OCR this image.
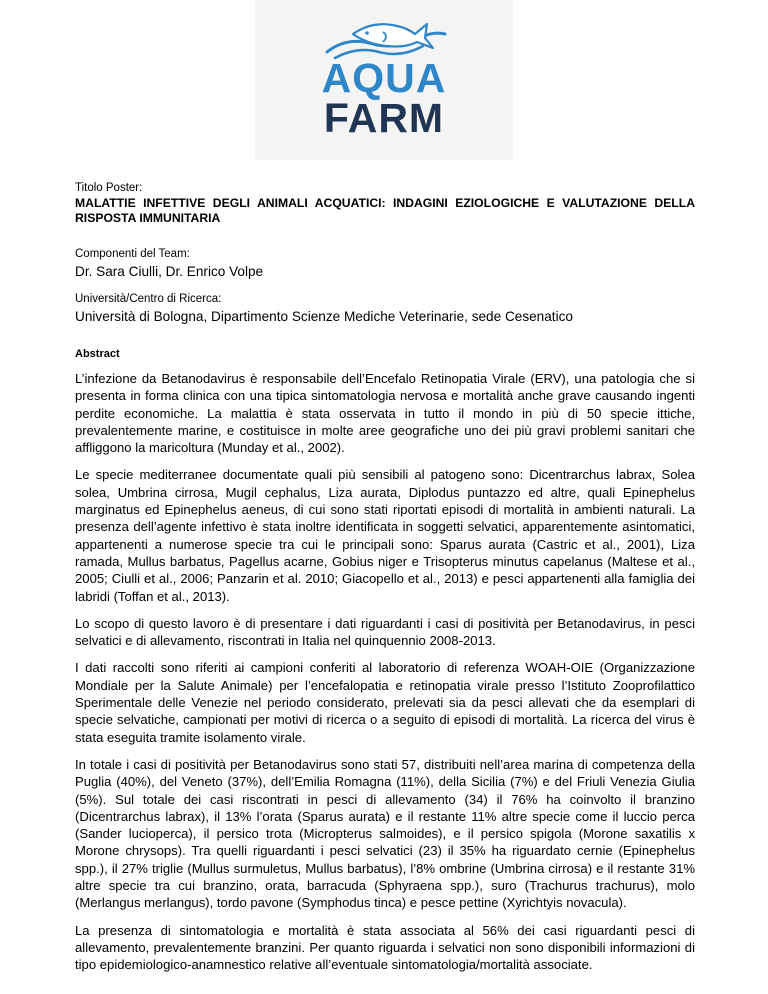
AQUA
FARM
Titolo Poster:
MALATTIE INFETTIVE DEGLI ANIMALI ACQUATICI: INDAGINI EZIOLOGICHE E VALUTAZIONE DELLA RISPOSTA IMMUNITARIA
Componenti del Team:
Dr. Sara Ciulli, Dr. Enrico Volpe
Università/Centro di Ricerca:
Università di Bologna, Dipartimento Scienze Mediche Veterinarie, sede Cesenatico
Abstract

L’infezione da Betanodavirus è responsabile dell’Encefalo Retinopatia Virale (ERV), una patologia che si presenta in forma clinica con una tipica sintomatologia nervosa e mortalità anche grave causando ingenti perdite economiche. La malattia è stata osservata in tutto il mondo in più di 50 specie ittiche, prevalentemente marine, e costituisce in molte aree geografiche uno dei più gravi problemi sanitari che affliggono la maricoltura (Munday et al., 2002).

Le specie mediterranee documentate quali più sensibili al patogeno sono: Dicentrarchus labrax, Solea solea, Umbrina cirrosa, Mugil cephalus, Liza aurata, Diplodus puntazzo ed altre, quali Epinephelus marginatus ed Epinephelus aeneus, di cui sono stati riportati episodi di mortalità in ambienti naturali. La presenza dell’agente infettivo è stata inoltre identificata in soggetti selvatici, apparentemente asintomatici, appartenenti a numerose specie tra cui le principali sono: Sparus aurata (Castric et al., 2001), Liza ramada, Mullus barbatus, Pagellus acarne, Gobius niger e Trisopterus minutus capelanus (Maltese et al., 2005; Ciulli et al., 2006; Panzarin et al. 2010; Giacopello et al., 2013) e pesci appartenenti alla famiglia dei labridi (Toffan et al., 2013).

Lo scopo di questo lavoro è di presentare i dati riguardanti i casi di positività per Betanodavirus, in pesci selvatici e di allevamento, riscontrati in Italia nel quinquennio 2008-2013.

I dati raccolti sono riferiti ai campioni conferiti al laboratorio di referenza WOAH-OIE (Organizzazione Mondiale per la Salute Animale) per l’encefalopatia e retinopatia virale presso l’Istituto Zooprofilattico Sperimentale delle Venezie nel periodo considerato, prelevati sia da pesci allevati che da esemplari di specie selvatiche, campionati per motivi di ricerca o a seguito di episodi di mortalità. La ricerca del virus è stata eseguita tramite isolamento virale.

In totale i casi di positività per Betanodavirus sono stati 57, distribuiti nell’area marina di competenza della Puglia (40%), del Veneto (37%), dell’Emilia Romagna (11%), della Sicilia (7%) e del Friuli Venezia Giulia (5%). Sul totale dei casi riscontrati in pesci di allevamento (34) il 76% ha coinvolto il branzino (Dicentrarchus labrax), il 13% l’orata (Sparus aurata) e il restante 11% altre specie come il luccio perca (Sander lucioperca), il persico trota (Micropterus salmoides), e il persico spigola (Morone saxatilis x Morone chrysops). Tra quelli riguardanti i pesci selvatici (23) il 35% ha riguardato cernie (Epinephelus spp.), il 27% triglie (Mullus surmuletus, Mullus barbatus), l’8% ombrine (Umbrina cirrosa) e il restante 31% altre specie tra cui branzino, orata, barracuda (Sphyraena spp.), suro (Trachurus trachurus), molo (Merlangus merlangus), tordo pavone (Symphodus tinca) e pesce pettine (Xyrichtyis novacula).

La presenza di sintomatologia e mortalità è stata associata al 56% dei casi riguardanti pesci di allevamento, prevalentemente branzini. Per quanto riguarda i selvatici non sono disponibili informazioni di tipo epidemiologico-anamnestico relative all’eventuale sintomatologia/mortalità associate.
